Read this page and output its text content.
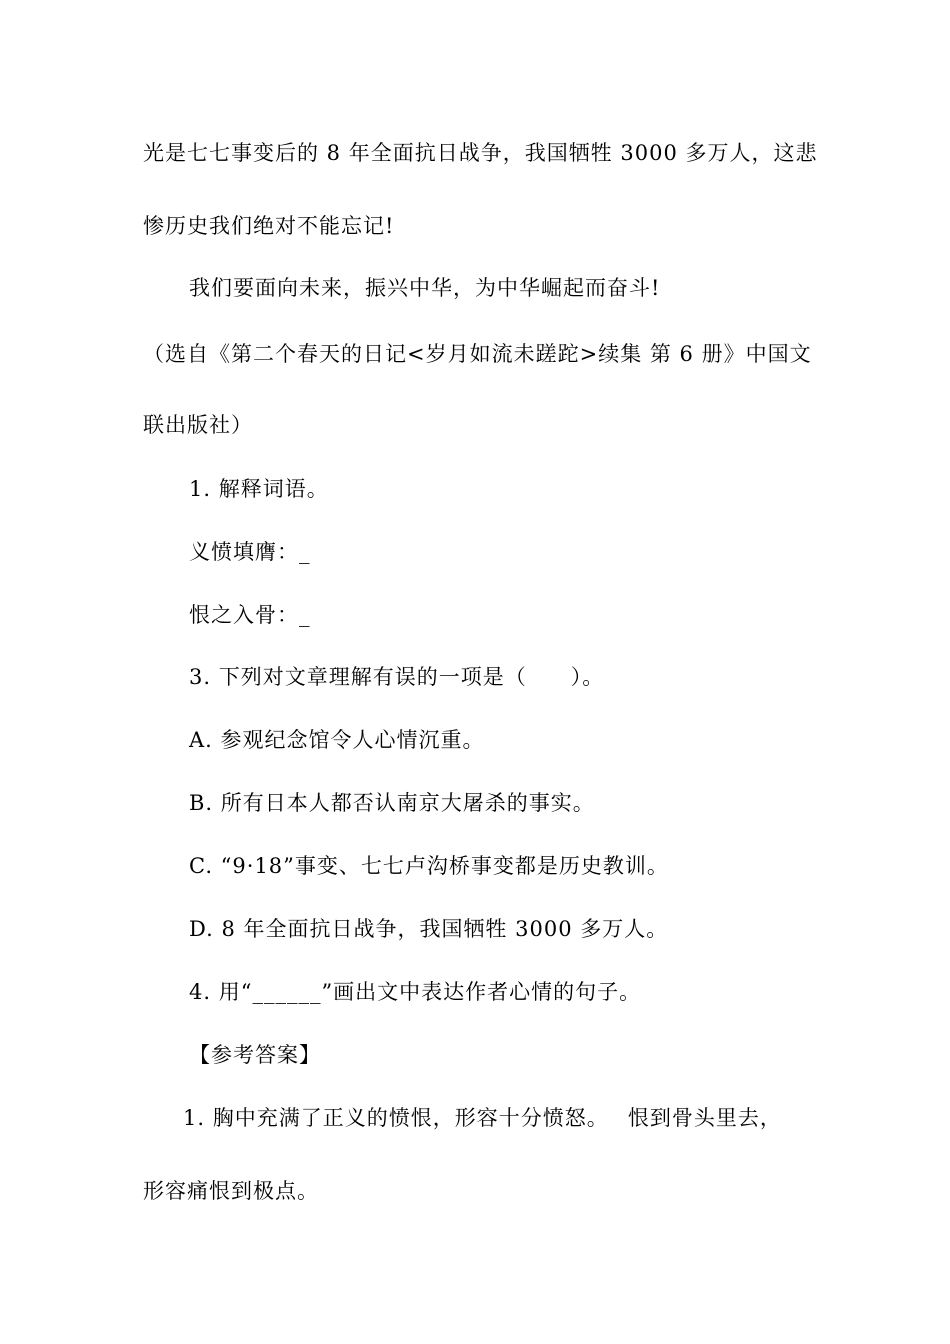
光是七七事变后的 8 年全面抗日战争，我国牺牲 3000 多万人，这悲
惨历史我们绝对不能忘记!
我们要面向未来，振兴中华，为中华崛起而奋斗!
（选自《第二个春天的日记<岁月如流未蹉跎>续集 第 6 册》中国文
联出版社）
1. 解释词语。
义愤填膺：_
恨之入骨：_
3. 下列对文章理解有误的一项是（　　）。
A. 参观纪念馆令人心情沉重。
B. 所有日本人都否认南京大屠杀的事实。
C. “9·18”事变、七七卢沟桥事变都是历史教训。
D. 8 年全面抗日战争，我国牺牲 3000 多万人。
4. 用“______”画出文中表达作者心情的句子。
【参考答案】
1. 胸中充满了正义的愤恨，形容十分愤怒。　 恨到骨头里去，
形容痛恨到极点。
